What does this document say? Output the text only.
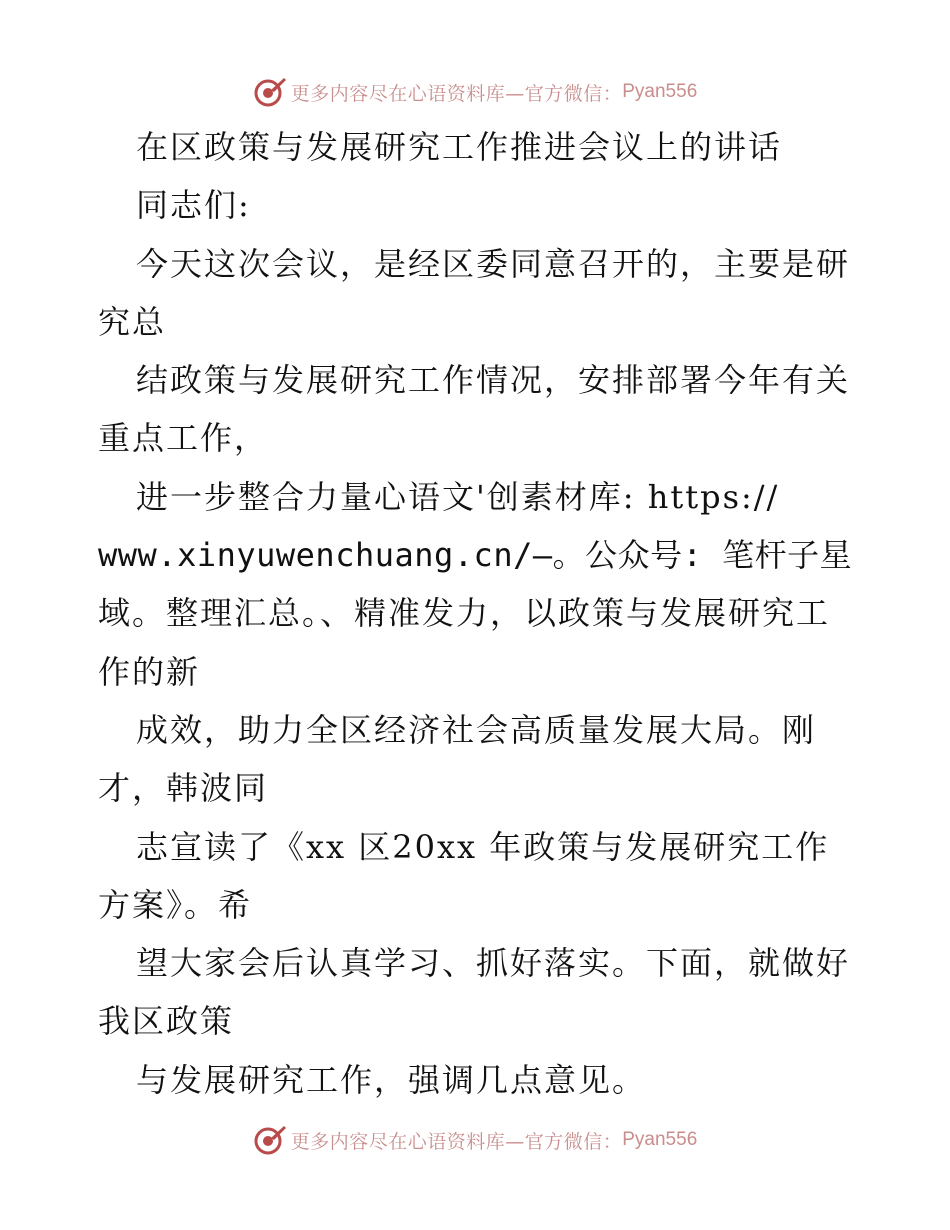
更多内容尽在心语资料库—官方微信： Pyan556
在区政策与发展研究工作推进会议上的讲话
同志们:
今天这次会议，是经区委同意召开的，主要是研
究总
结政策与发展研究工作情况，安排部署今年有关
重点工作，
进一步整合力量心语文'创素材库: https://
www.xinyuwenchuang.cn/—。公众号: 笔杆子星
域。整理汇总。、精准发力，以政策与发展研究工
作的新
成效，助力全区经济社会高质量发展大局。刚
才，韩波同
志宣读了《xx 区20xx 年政策与发展研究工作
方案》。希
望大家会后认真学习、抓好落实。下面，就做好
我区政策
与发展研究工作，强调几点意见。
更多内容尽在心语资料库—官方微信： Pyan556
